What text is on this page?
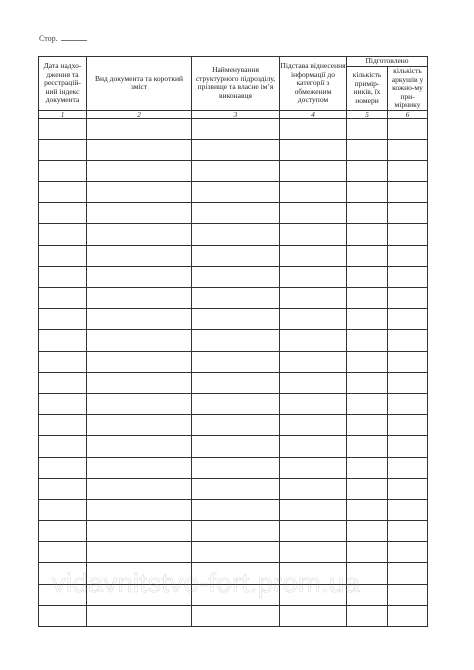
Стор.
Дата надхо-дження та реєстрацій-ний індекс документа	Вид документа та короткий зміст	Найменування структурного підрозділу, прізвище та власне ім’я виконавця	Підстава віднесення інформації до категорії з обмеженим доступом	Підготовлено	
				кількість примір-ників, їх номери	кількість аркушів у кожно-му при-мірнику
1	2	3	4	5	6

vidavnitstvo-fort.prom.ua
